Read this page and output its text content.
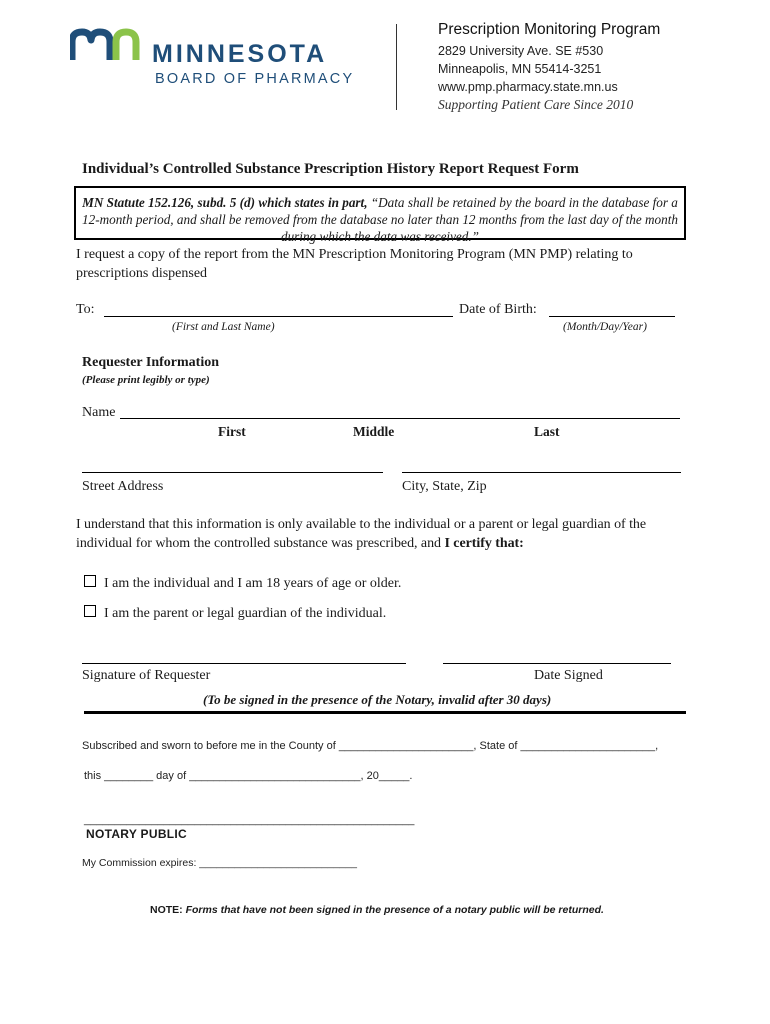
MINNESOTA
BOARD OF PHARMACY
Prescription Monitoring Program
2829 University Ave. SE #530
Minneapolis, MN 55414-3251
www.pmp.pharmacy.state.mn.us
Supporting Patient Care Since 2010
Individual’s Controlled Substance Prescription History Report Request Form
MN Statute 152.126, subd. 5 (d) which states in part, “Data shall be retained by the board in the database for a 12-month period, and shall be removed from the database no later than 12 months from the last day of the month during which the data was received.”
I request a copy of the report from the MN Prescription Monitoring Program (MN PMP) relating to prescriptions dispensed
To:	Date of Birth:
(First and Last Name)	(Month/Day/Year)
Requester Information
(Please print legibly or type)
Name
First	Middle	Last
Street Address	City, State, Zip
I understand that this information is only available to the individual or a parent or legal guardian of the individual for whom the controlled substance was prescribed, and I certify that:
I am the individual and I am 18 years of age or older.
I am the parent or legal guardian of the individual.
Signature of Requester	Date Signed
(To be signed in the presence of the Notary, invalid after 30 days)
Subscribed and sworn to before me in the County of ______________________, State of ______________________,
this ________ day of ____________________________, 20_____.
______________________________________________________
NOTARY PUBLIC
My Commission expires: ___________________________
NOTE: Forms that have not been signed in the presence of a notary public will be returned.
